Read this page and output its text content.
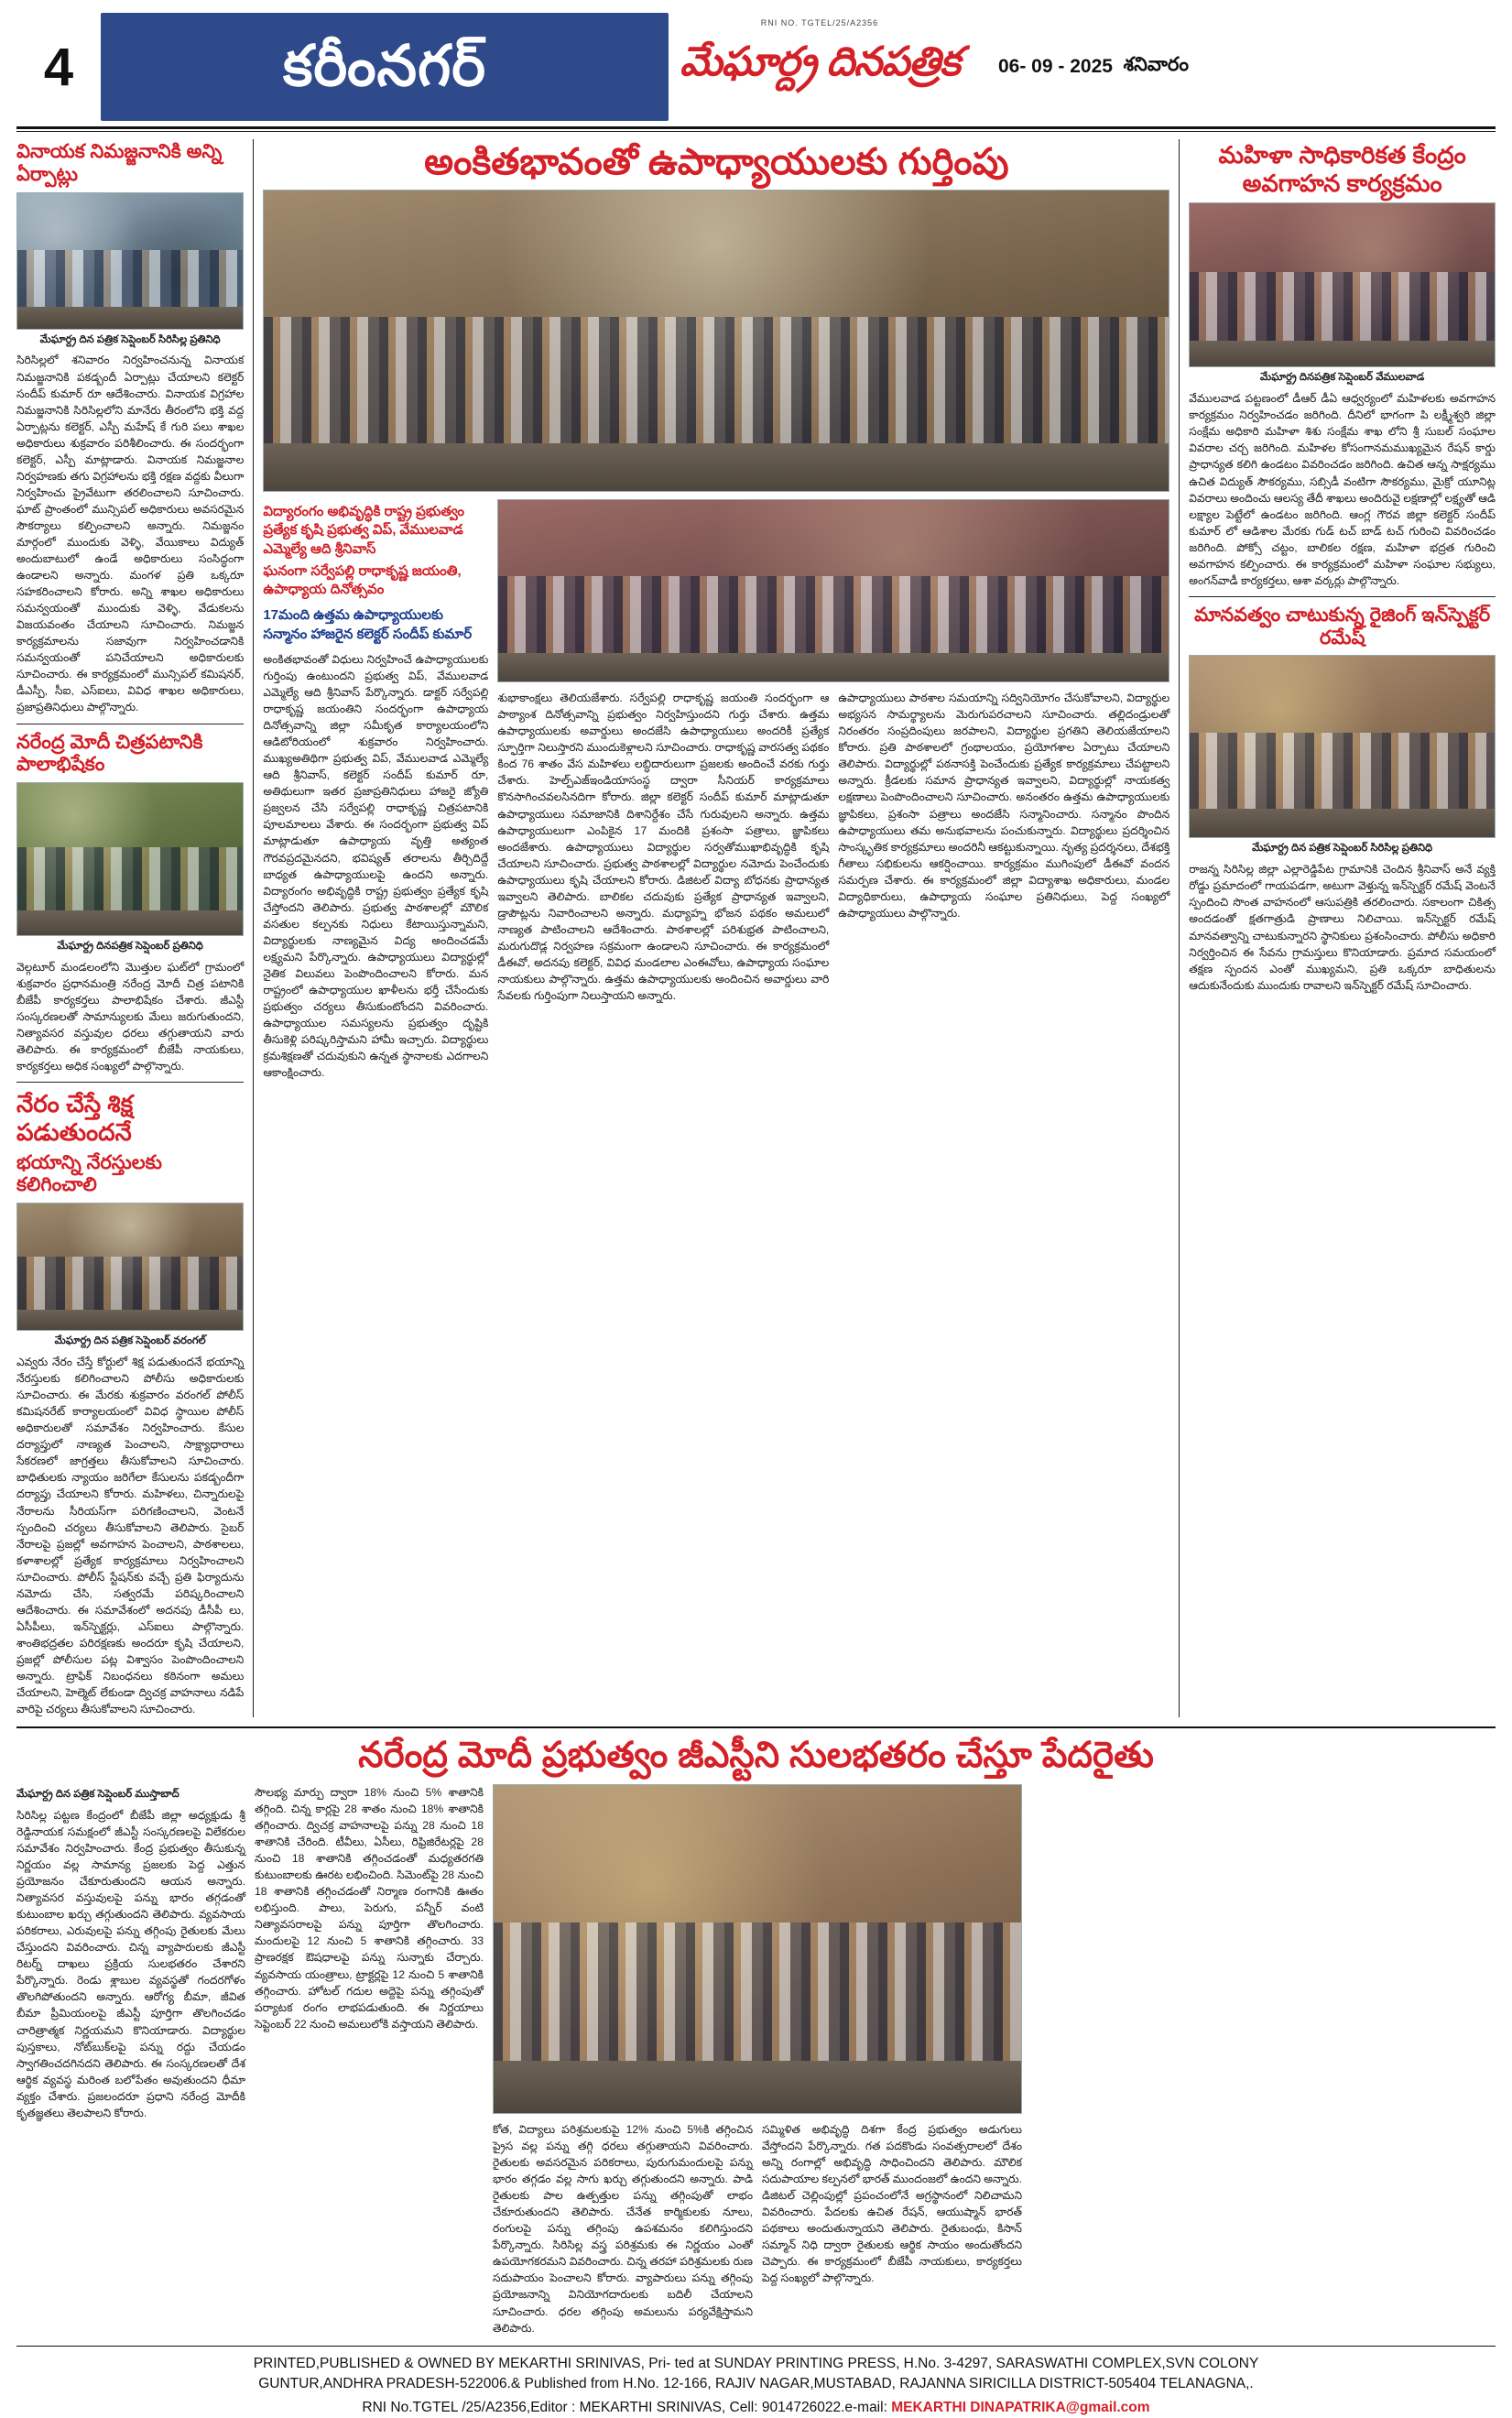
4	కరీంనగర్
RNI NO. TGTEL/25/A2356
మేఘార్ద్ర దినపత్రిక 06- 09 - 2025
శనివారం
వినాయక నిమజ్జనానికి అన్ని ఏర్పాట్లు
మేఘార్ద్ర దిన పత్రిక సెప్షెంబర్ సిరిసిల్ల ప్రతినిధి
సిరిసిల్లలో శనివారం నిర్వహించనున్న వినాయక నిమజ్జనానికి పకడ్బందీ ఏర్పాట్లు చేయాలని కలెక్టర్ సందీప్ కుమార్ రూ ఆదేశించారు. వినాయక విగ్రహాల నిమజ్జనానికి సిరిసిల్లలోని మానేరు తీరంలోని భక్తి వద్ద ఏర్పాట్లను కలెక్టర్, ఎస్పీ మహేష్ కే గురి పలు శాఖల అధికారులు శుక్రవారం పరిశీలించారు. ఈ సందర్భంగా కలెక్టర్, ఎస్పీ మాట్లాడారు. వినాయక నిమజ్జనాల నిర్వహణకు తగు విగ్రహాలను భక్తి రక్షణ వద్దకు వీలుగా నిర్వహించు ప్రైవేటుగా తరలించాలని సూచించారు. ఘాట్ ప్రాంతంలో మున్సిపల్ అధికారులు అవసరమైన సౌకర్యాలు కల్పించాలని అన్నారు. నిమజ్జనం మార్గంలో ముందుకు వెళ్ళి, వేయికాలు విద్యుత్ అందుబాటులో ఉండే అధికారులు సంసిద్ధంగా ఉండాలని అన్నారు. మంగళ ప్రతి ఒక్కరూ సహకరించాలని కోరారు. అన్ని శాఖల అధికారులు సమన్వయంతో ముందుకు వెళ్ళి, వేడుకలను విజయవంతం చేయాలని సూచించారు. నిమజ్జన కార్యక్రమాలను సజావుగా నిర్వహించడానికి సమన్వయంతో పనిచేయాలని అధికారులకు సూచించారు. ఈ కార్యక్రమంలో మున్సిపల్ కమిషనర్, డీఎస్పీ, సీఐ, ఎస్‌ఐలు, వివిధ శాఖల అధికారులు, ప్రజాప్రతినిధులు పాల్గొన్నారు.
నరేంద్ర మోదీ చిత్రపటానికి పాలాభిషేకం
మేఘార్ద్ర దినపత్రిక సెప్షెంబర్ ప్రతినిధి
వెల్గటూర్ మండలంలోని మొత్తుల ఘట్‌లో గ్రామంలో శుక్రవారం ప్రధానమంత్రి నరేంద్ర మోదీ చిత్ర పటానికి బీజేపీ కార్యకర్తలు పాలాభిషేకం చేశారు. జీఎస్టీ సంస్కరణలతో సామాన్యులకు మేలు జరుగుతుందని, నిత్యావసర వస్తువుల ధరలు తగ్గుతాయని వారు తెలిపారు. ఈ కార్యక్రమంలో బీజేపీ నాయకులు, కార్యకర్తలు అధిక సంఖ్యలో పాల్గొన్నారు.
నేరం చేస్తే శిక్ష పడుతుందనే
భయాన్ని నేరస్తులకు కలిగించాలి
మేఘార్ద్ర దిన పత్రిక సెప్షెంబర్ వరంగల్
ఎవ్వరు నేరం చేస్తే కోర్టులో శిక్ష పడుతుందనే భయాన్ని నేరస్తులకు కలిగించాలని పోలీసు అధికారులకు సూచించారు. ఈ మేరకు శుక్రవారం వరంగల్ పోలీస్ కమిషనరేట్ కార్యాలయంలో వివిధ స్థాయిల పోలీస్ అధికారులతో సమావేశం నిర్వహించారు. కేసుల దర్యాప్తులో నాణ్యత పెంచాలని, సాక్ష్యాధారాలు సేకరణలో జాగ్రత్తలు తీసుకోవాలని సూచించారు. బాధితులకు న్యాయం జరిగేలా కేసులను పకడ్బందీగా దర్యాప్తు చేయాలని కోరారు. మహిళలు, చిన్నారులపై నేరాలను సీరియస్‌గా పరిగణించాలని, వెంటనే స్పందించి చర్యలు తీసుకోవాలని తెలిపారు. సైబర్ నేరాలపై ప్రజల్లో అవగాహన పెంచాలని, పాఠశాలలు, కళాశాలల్లో ప్రత్యేక కార్యక్రమాలు నిర్వహించాలని సూచించారు. పోలీస్ స్టేషన్‌కు వచ్చే ప్రతి ఫిర్యాదును నమోదు చేసి, సత్వరమే పరిష్కరించాలని ఆదేశించారు. ఈ సమావేశంలో అదనపు డీసీపీ లు, ఏసీపీలు, ఇన్‌స్పెక్టర్లు, ఎస్‌ఐలు పాల్గొన్నారు. శాంతిభద్రతల పరిరక్షణకు అందరూ కృషి చేయాలని, ప్రజల్లో పోలీసుల పట్ల విశ్వాసం పెంపొందించాలని అన్నారు. ట్రాఫిక్ నిబంధనలు కఠినంగా అమలు చేయాలని, హెల్మెట్ లేకుండా ద్విచక్ర వాహనాలు నడిపే వారిపై చర్యలు తీసుకోవాలని సూచించారు.
అంకితభావంతో ఉపాధ్యాయులకు గుర్తింపు
విద్యారంగం అభివృద్ధికి రాష్ట్ర ప్రభుత్వం ప్రత్యేక కృషి ప్రభుత్వ విప్, వేములవాడ ఎమ్మెల్యే ఆది శ్రీనివాస్
ఘనంగా సర్వేపల్లి రాధాకృష్ణ జయంతి, ఉపాధ్యాయ దినోత్సవం
17మంది ఉత్తమ ఉపాధ్యాయులకు సన్మానం హాజరైన కలెక్టర్ సందీప్ కుమార్
అంకితభావంతో విధులు నిర్వహించే ఉపాధ్యాయులకు గుర్తింపు ఉంటుందని ప్రభుత్వ విప్, వేములవాడ ఎమ్మెల్యే ఆది శ్రీనివాస్ పేర్కొన్నారు. డాక్టర్ సర్వేపల్లి రాధాకృష్ణ జయంతిని సందర్భంగా ఉపాధ్యాయ దినోత్సవాన్ని జిల్లా సమీకృత కార్యాలయంలోని ఆడిటోరియంలో శుక్రవారం నిర్వహించారు. ముఖ్యఅతిథిగా ప్రభుత్వ విప్, వేములవాడ ఎమ్మెల్యే ఆది శ్రీనివాస్, కలెక్టర్ సందీప్ కుమార్ రూ, అతిథులుగా ఇతర ప్రజాప్రతినిధులు హాజరై జ్యోతి ప్రజ్వలన చేసి సర్వేపల్లి రాధాకృష్ణ చిత్రపటానికి పూలమాలలు వేశారు. ఈ సందర్భంగా ప్రభుత్వ విప్ మాట్లాడుతూ ఉపాధ్యాయ వృత్తి అత్యంత గౌరవప్రదమైనదని, భవిష్యత్ తరాలను తీర్చిదిద్దే బాధ్యత ఉపాధ్యాయులపై ఉందని అన్నారు. విద్యారంగం అభివృద్ధికి రాష్ట్ర ప్రభుత్వం ప్రత్యేక కృషి చేస్తోందని తెలిపారు. ప్రభుత్వ పాఠశాలల్లో మౌలిక వసతుల కల్పనకు నిధులు కేటాయిస్తున్నామని, విద్యార్థులకు నాణ్యమైన విద్య అందించడమే లక్ష్యమని పేర్కొన్నారు. ఉపాధ్యాయులు విద్యార్థుల్లో నైతిక విలువలు పెంపొందించాలని కోరారు. మన రాష్ట్రంలో ఉపాధ్యాయుల ఖాళీలను భర్తీ చేసేందుకు ప్రభుత్వం చర్యలు తీసుకుంటోందని వివరించారు. ఉపాధ్యాయుల సమస్యలను ప్రభుత్వం దృష్టికి తీసుకెళ్లి పరిష్కరిస్తామని హామీ ఇచ్చారు. విద్యార్థులు క్రమశిక్షణతో చదువుకుని ఉన్నత స్థానాలకు ఎదగాలని ఆకాంక్షించారు.
శుభాకాంక్షలు తెలియజేశారు. సర్వేపల్లి రాధాకృష్ణ జయంతి సందర్భంగా ఆ పాఠ్యాంశ దినోత్సవాన్ని ప్రభుత్వం నిర్వహిస్తుందని గుర్తు చేశారు. ఉత్తమ ఉపాధ్యాయులకు అవార్డులు అందజేసి ఉపాధ్యాయులు అందరికీ ప్రత్యేక స్ఫూర్తిగా నిలుస్తారని ముందుకెళ్లాలని సూచించారు. రాధాకృష్ణ వారసత్వ పథకం కింద 76 శాతం వేస మహిళలు లబ్ధిదారులుగా ప్రజలకు అందించే వరకు గుర్తు చేశారు. హెల్ప్‌ఎజ్ఇండియాసంస్థ ద్వారా సీనియర్ కార్యక్రమాలు కొనసాగించవలసినదిగా కోరారు. జిల్లా కలెక్టర్ సందీప్ కుమార్ మాట్లాడుతూ ఉపాధ్యాయులు సమాజానికి దిశానిర్దేశం చేసే గురువులని అన్నారు. ఉత్తమ ఉపాధ్యాయులుగా ఎంపికైన 17 మందికి ప్రశంసా పత్రాలు, జ్ఞాపికలు అందజేశారు. ఉపాధ్యాయులు విద్యార్థుల సర్వతోముఖాభివృద్ధికి కృషి చేయాలని సూచించారు. ప్రభుత్వ పాఠశాలల్లో విద్యార్థుల నమోదు పెంచేందుకు ఉపాధ్యాయులు కృషి చేయాలని కోరారు. డిజిటల్ విద్యా బోధనకు ప్రాధాన్యత ఇవ్వాలని తెలిపారు. బాలికల చదువుకు ప్రత్యేక ప్రాధాన్యత ఇవ్వాలని, డ్రాపౌట్లను నివారించాలని అన్నారు. మధ్యాహ్న భోజన పథకం అమలులో నాణ్యత పాటించాలని ఆదేశించారు. పాఠశాలల్లో పరిశుభ్రత పాటించాలని, మరుగుదొడ్ల నిర్వహణ సక్రమంగా ఉండాలని సూచించారు. ఈ కార్యక్రమంలో డీఈవో, అదనపు కలెక్టర్, వివిధ మండలాల ఎంఈవోలు, ఉపాధ్యాయ సంఘాల నాయకులు పాల్గొన్నారు. ఉత్తమ ఉపాధ్యాయులకు అందించిన అవార్డులు వారి సేవలకు గుర్తింపుగా నిలుస్తాయని అన్నారు.
ఉపాధ్యాయులు పాఠశాల సమయాన్ని సద్వినియోగం చేసుకోవాలని, విద్యార్థుల అభ్యసన సామర్థ్యాలను మెరుగుపరచాలని సూచించారు. తల్లిదండ్రులతో నిరంతరం సంప్రదింపులు జరపాలని, విద్యార్థుల ప్రగతిని తెలియజేయాలని కోరారు. ప్రతి పాఠశాలలో గ్రంథాలయం, ప్రయోగశాల ఏర్పాటు చేయాలని తెలిపారు. విద్యార్థుల్లో పఠనాసక్తి పెంచేందుకు ప్రత్యేక కార్యక్రమాలు చేపట్టాలని అన్నారు. క్రీడలకు సమాన ప్రాధాన్యత ఇవ్వాలని, విద్యార్థుల్లో నాయకత్వ లక్షణాలు పెంపొందించాలని సూచించారు. అనంతరం ఉత్తమ ఉపాధ్యాయులకు జ్ఞాపికలు, ప్రశంసా పత్రాలు అందజేసి సన్మానించారు. సన్మానం పొందిన ఉపాధ్యాయులు తమ అనుభవాలను పంచుకున్నారు. విద్యార్థులు ప్రదర్శించిన సాంస్కృతిక కార్యక్రమాలు అందరినీ ఆకట్టుకున్నాయి. నృత్య ప్రదర్శనలు, దేశభక్తి గీతాలు సభికులను ఆకర్షించాయి. కార్యక్రమం ముగింపులో డీఈవో వందన సమర్పణ చేశారు. ఈ కార్యక్రమంలో జిల్లా విద్యాశాఖ అధికారులు, మండల విద్యాధికారులు, ఉపాధ్యాయ సంఘాల ప్రతినిధులు, పెద్ద సంఖ్యలో ఉపాధ్యాయులు పాల్గొన్నారు.
మహిళా సాధికారికత కేంద్రం అవగాహన కార్యక్రమం
మేఘార్ద్ర దినపత్రిక సెప్షెంబర్ వేములవాడ
వేములవాడ పట్టణంలో డీఆర్ డీఏ ఆధ్వర్యంలో మహిళలకు అవగాహన కార్యక్రమం నిర్వహించడం జరిగింది. దీనిలో భాగంగా పి లక్ష్మీశ్వరి జిల్లా సంక్షేమ అధికారి మహిళా శిశు సంక్షేమ శాఖ లోని శ్రీ సుబల్ సంఘాల వివరాల చర్చ జరిగింది. మహిళల కోసంగానమముఖ్యమైన రేషన్ కార్డు ప్రాధాన్యత కలిగి ఉండటం వివరించడం జరిగింది. ఉచిత ఆన్న సాక్షర్యము ఉచిత విద్యుత్ సౌకర్యము, సబ్సిడీ వంటిగా సౌకర్యము, మైక్రో యూనిట్ల వివరాలు అందించు ఆలస్య తేదీ శాఖలు అందిరువై లక్షణాల్లో లక్ష్యతో ఆడి లక్ష్యాల పెట్టేలో ఉండటం జరిగింది. ఆంగ్ల గౌరవ జిల్లా కలెక్టర్ సందీప్ కుమార్ లో ఆడిశాల మేరకు గుడ్ టచ్ బాడ్ టచ్ గురించి వివరించడం జరిగింది. పోక్సో చట్టం, బాలికల రక్షణ, మహిళా భద్రత గురించి అవగాహన కల్పించారు. ఈ కార్యక్రమంలో మహిళా సంఘాల సభ్యులు, అంగన్‌వాడీ కార్యకర్తలు, ఆశా వర్కర్లు పాల్గొన్నారు.
మానవత్వం చాటుకున్న రైజింగ్ ఇన్‌స్పెక్టర్ రమేష్
మేఘార్ద్ర దిన పత్రిక సెప్షెంబర్ సిరిసిల్ల ప్రతినిధి
రాజన్న సిరిసిల్ల జిల్లా ఎల్లారెడ్డిపేట గ్రామానికి చెందిన శ్రీనివాస్ అనే వ్యక్తి రోడ్డు ప్రమాదంలో గాయపడగా, అటుగా వెళ్తున్న ఇన్‌స్పెక్టర్ రమేష్ వెంటనే స్పందించి సొంత వాహనంలో ఆసుపత్రికి తరలించారు. సకాలంగా చికిత్స అందడంతో క్షతగాత్రుడి ప్రాణాలు నిలిచాయి. ఇన్‌స్పెక్టర్ రమేష్ మానవత్వాన్ని చాటుకున్నారని స్థానికులు ప్రశంసించారు. పోలీసు అధికారి నిర్వర్తించిన ఈ సేవను గ్రామస్తులు కొనియాడారు. ప్రమాద సమయంలో తక్షణ స్పందన ఎంతో ముఖ్యమని, ప్రతి ఒక్కరూ బాధితులను ఆదుకునేందుకు ముందుకు రావాలని ఇన్‌స్పెక్టర్ రమేష్ సూచించారు.
నరేంద్ర మోదీ ప్రభుత్వం జీఎస్టీని సులభతరం చేస్తూ పేదరైతు
మేఘార్ద్ర దిన పత్రిక సెప్షెంబర్ ముస్తాబాద్
సిరిసిల్ల పట్టణ కేంద్రంలో బీజేపీ జిల్లా అధ్యక్షుడు శ్రీ రెడ్డినాయక సమక్షంలో జీఎస్టీ సంస్కరణలపై విలేకరుల సమావేశం నిర్వహించారు. కేంద్ర ప్రభుత్వం తీసుకున్న నిర్ణయం వల్ల సామాన్య ప్రజలకు పెద్ద ఎత్తున ప్రయోజనం చేకూరుతుందని ఆయన అన్నారు. నిత్యావసర వస్తువులపై పన్ను భారం తగ్గడంతో కుటుంబాల ఖర్చు తగ్గుతుందని తెలిపారు. వ్యవసాయ పరికరాలు, ఎరువులపై పన్ను తగ్గింపు రైతులకు మేలు చేస్తుందని వివరించారు. చిన్న వ్యాపారులకు జీఎస్టీ రిటర్న్ దాఖలు ప్రక్రియ సులభతరం చేశారని పేర్కొన్నారు. రెండు శ్లాబుల వ్యవస్థతో గందరగోళం తొలగిపోతుందని అన్నారు. ఆరోగ్య బీమా, జీవిత బీమా ప్రీమియంలపై జీఎస్టీ పూర్తిగా తొలగించడం చారిత్రాత్మక నిర్ణయమని కొనియాడారు. విద్యార్థుల పుస్తకాలు, నోట్‌బుక్‌లపై పన్ను రద్దు చేయడం స్వాగతించదగినదని తెలిపారు. ఈ సంస్కరణలతో దేశ ఆర్థిక వ్యవస్థ మరింత బలోపేతం అవుతుందని ధీమా వ్యక్తం చేశారు. ప్రజలందరూ ప్రధాని నరేంద్ర మోదీకి కృతజ్ఞతలు తెలపాలని కోరారు.
సౌలభ్య మార్పు ద్వారా 18% నుంచి 5% శాతానికి తగ్గింది. చిన్న కార్లపై 28 శాతం నుంచి 18% శాతానికి తగ్గించారు. ద్విచక్ర వాహనాలపై పన్ను 28 నుంచి 18 శాతానికి చేరింది. టీవీలు, ఏసీలు, రిఫ్రిజిరేటర్లపై 28 నుంచి 18 శాతానికి తగ్గించడంతో మధ్యతరగతి కుటుంబాలకు ఊరట లభించింది. సిమెంట్‌పై 28 నుంచి 18 శాతానికి తగ్గించడంతో నిర్మాణ రంగానికి ఊతం లభిస్తుంది. పాలు, పెరుగు, పన్నీర్ వంటి నిత్యావసరాలపై పన్ను పూర్తిగా తొలగించారు. మందులపై 12 నుంచి 5 శాతానికి తగ్గించారు. 33 ప్రాణరక్షక ఔషధాలపై పన్ను సున్నాకు చేర్చారు. వ్యవసాయ యంత్రాలు, ట్రాక్టర్లపై 12 నుంచి 5 శాతానికి తగ్గించారు. హోటల్ గదుల అద్దెపై పన్ను తగ్గింపుతో పర్యాటక రంగం లాభపడుతుంది. ఈ నిర్ణయాలు సెప్టెంబర్ 22 నుంచి అమలులోకి వస్తాయని తెలిపారు.
కోత, విద్యాలు పరిశ్రమలకుపై 12% నుంచి 5%కి తగ్గించిన ప్రైస వల్ల పన్ను తగ్గి ధరలు తగ్గుతాయని వివరించారు. రైతులకు అవసరమైన పరికరాలు, పురుగుమందులపై పన్ను భారం తగ్గడం వల్ల సాగు ఖర్చు తగ్గుతుందని అన్నారు. పాడి రైతులకు పాల ఉత్పత్తుల పన్ను తగ్గింపుతో లాభం చేకూరుతుందని తెలిపారు. చేనేత కార్మికులకు నూలు, రంగులపై పన్ను తగ్గింపు ఉపశమనం కలిగిస్తుందని పేర్కొన్నారు. సిరిసిల్ల వస్త్ర పరిశ్రమకు ఈ నిర్ణయం ఎంతో ఉపయోగకరమని వివరించారు. చిన్న తరహా పరిశ్రమలకు రుణ సదుపాయం పెంచాలని కోరారు. వ్యాపారులు పన్ను తగ్గింపు ప్రయోజనాన్ని వినియోగదారులకు బదిలీ చేయాలని సూచించారు. ధరల తగ్గింపు అమలును పర్యవేక్షిస్తామని తెలిపారు.
సమ్మిళిత అభివృద్ధి దిశగా కేంద్ర ప్రభుత్వం అడుగులు వేస్తోందని పేర్కొన్నారు. గత పదకొండు సంవత్సరాలలో దేశం అన్ని రంగాల్లో అభివృద్ధి సాధించిందని తెలిపారు. మౌలిక సదుపాయాల కల్పనలో భారత్ ముందంజలో ఉందని అన్నారు. డిజిటల్ చెల్లింపుల్లో ప్రపంచంలోనే అగ్రస్థానంలో నిలిచామని వివరించారు. పేదలకు ఉచిత రేషన్, ఆయుష్మాన్ భారత్ పథకాలు అందుతున్నాయని తెలిపారు. రైతుబంధు, కిసాన్ సమ్మాన్ నిధి ద్వారా రైతులకు ఆర్థిక సాయం అందుతోందని చెప్పారు. ఈ కార్యక్రమంలో బీజేపీ నాయకులు, కార్యకర్తలు పెద్ద సంఖ్యలో పాల్గొన్నారు.
PRINTED,PUBLISHED & OWNED BY MEKARTHI SRINIVAS, Pri- ted at SUNDAY PRINTING PRESS, H.No. 3-4297, SARASWATHI COMPLEX,SVN COLONY
GUNTUR,ANDHRA PRADESH-522006.& Published from H.No. 12-166, RAJIV NAGAR,MUSTABAD, RAJANNA SIRICILLA DISTRICT-505404 TELANAGNA,.
RNI No.TGTEL /25/A2356,Editor : MEKARTHI SRINIVAS, Cell: 9014726022.e-mail: MEKARTHI DINAPATRIKA@gmail.com
